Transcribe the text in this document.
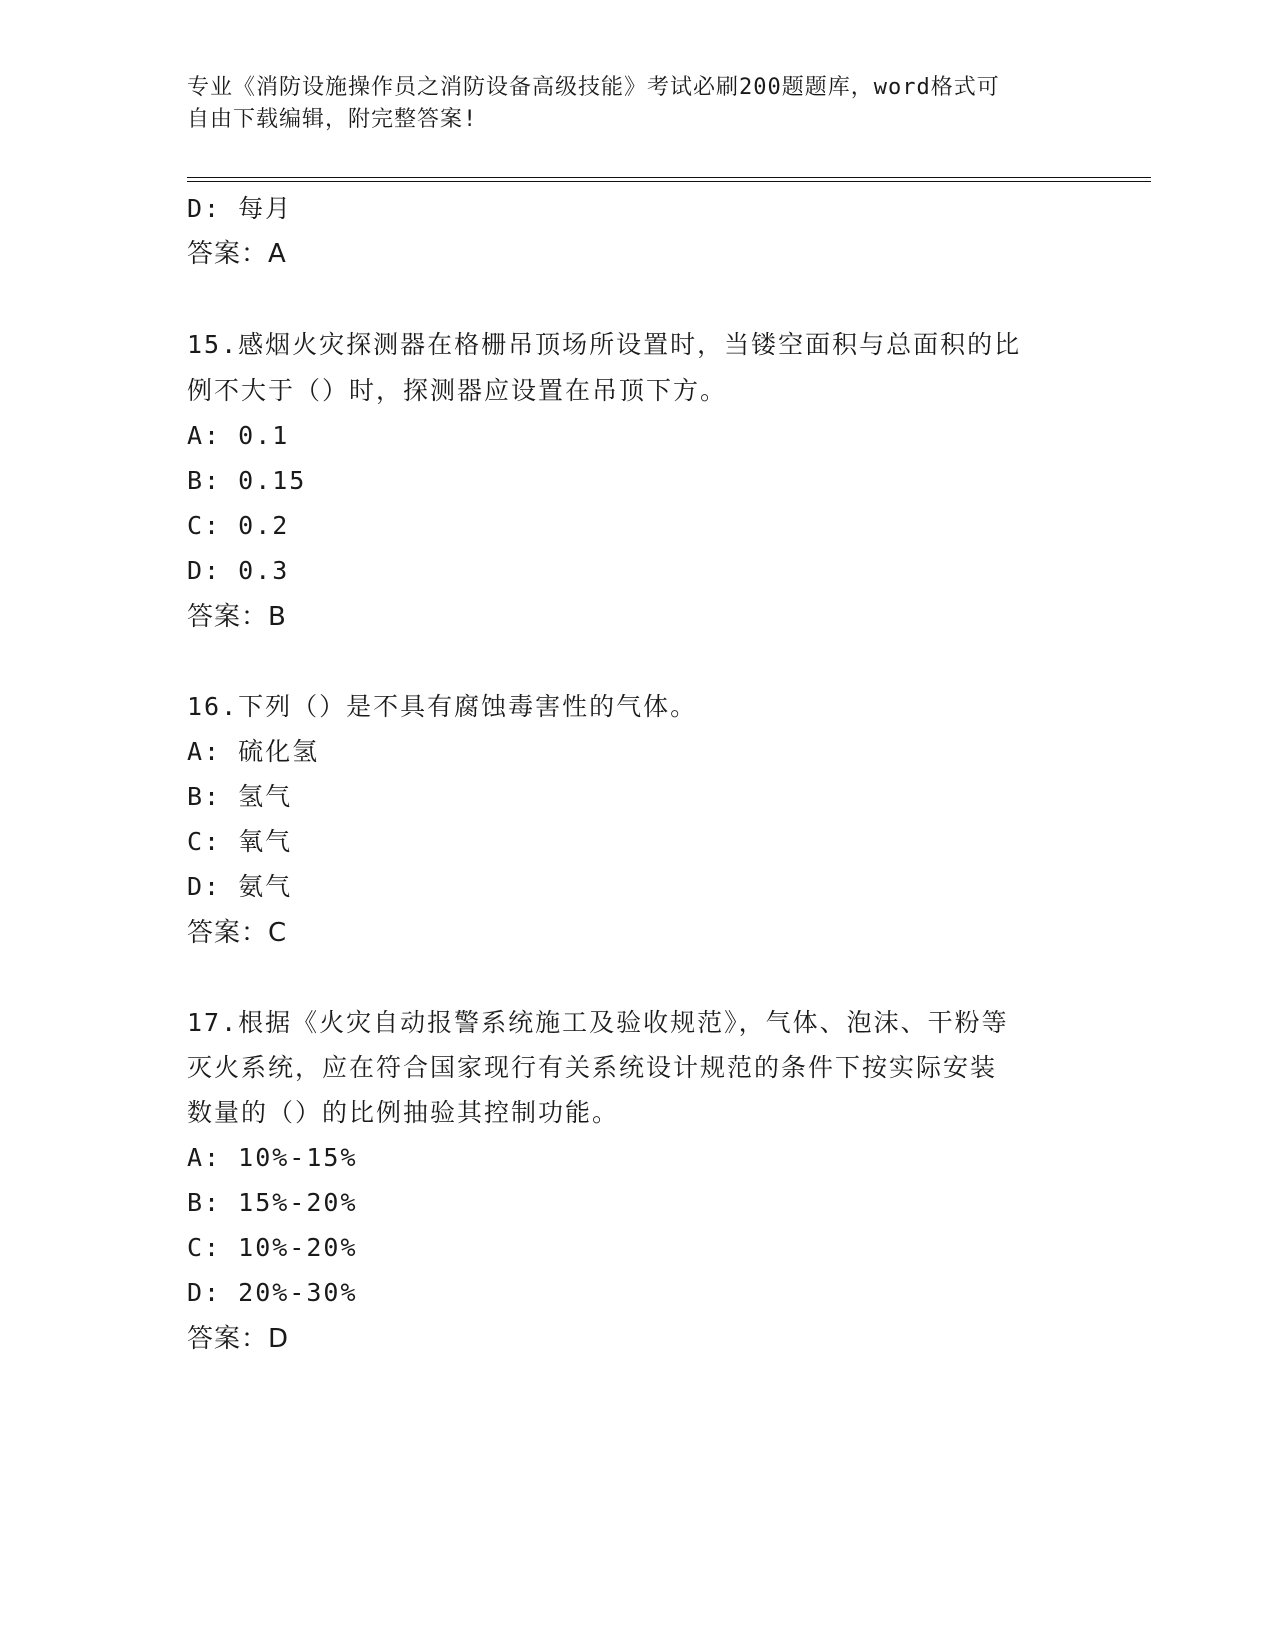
专业《消防设施操作员之消防设备高级技能》考试必刷200题题库，word格式可
自由下载编辑，附完整答案!
D: 每月
答案：A
15.感烟火灾探测器在格栅吊顶场所设置时，当镂空面积与总面积的比
例不大于（）时，探测器应设置在吊顶下方。
A: 0.1
B: 0.15
C: 0.2
D: 0.3
答案：B
16.下列（）是不具有腐蚀毒害性的气体。
A: 硫化氢
B: 氢气
C: 氧气
D: 氨气
答案：C
17.根据《火灾自动报警系统施工及验收规范》，气体、泡沫、干粉等
灭火系统，应在符合国家现行有关系统设计规范的条件下按实际安装
数量的（）的比例抽验其控制功能。
A: 10%-15%
B: 15%-20%
C: 10%-20%
D: 20%-30%
答案：D
